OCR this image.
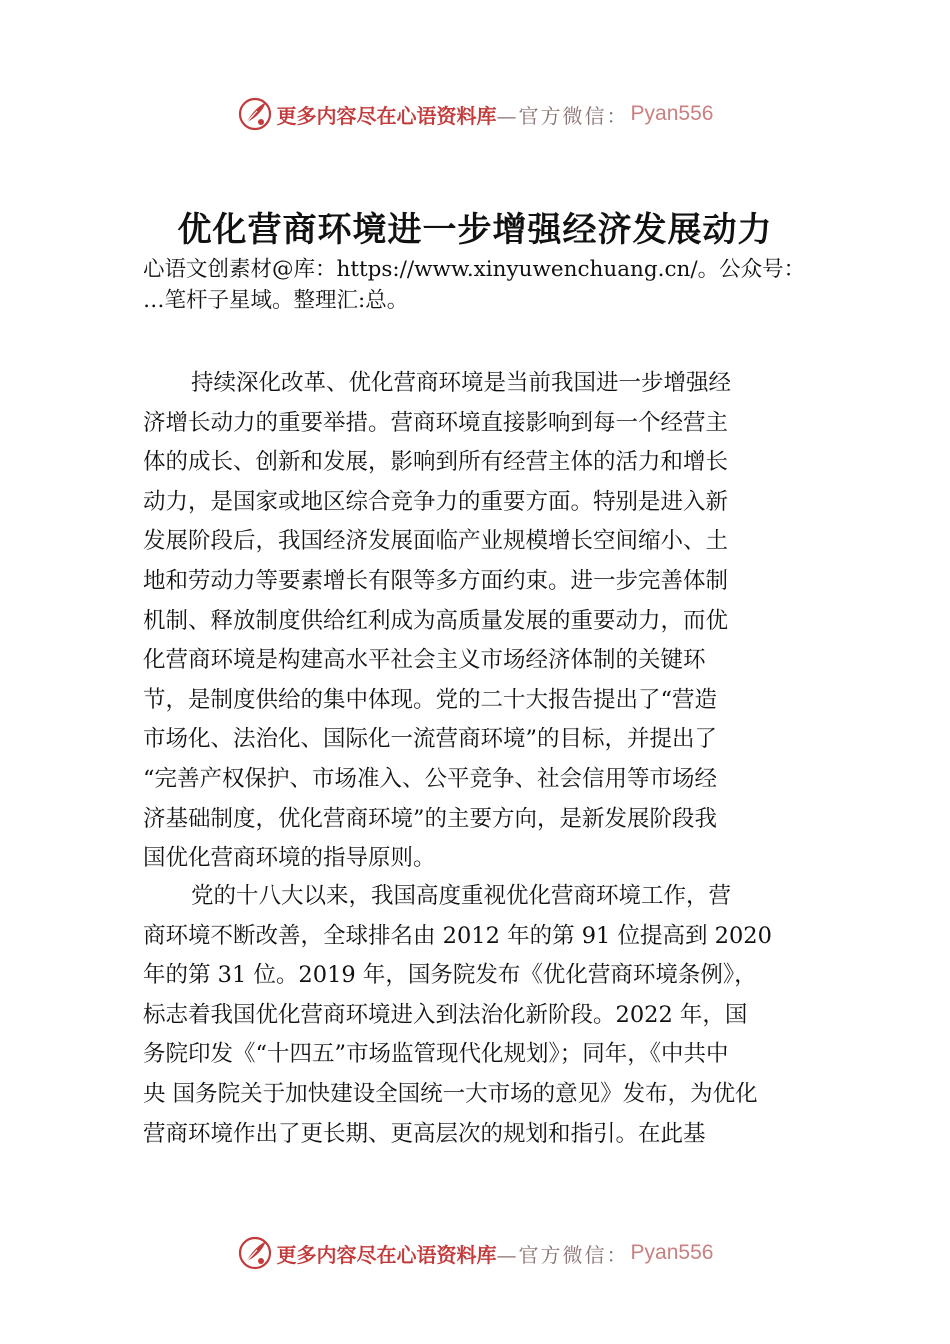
更多内容尽在心语资料库 —官方微信： Pyan556
优化营商环境进一步增强经济发展动力
心语文创素材@库：https://www.xinyuwenchuang.cn/。公众号：
…笔杆子星域。整理汇:总。
持续深化改革、优化营商环境是当前我国进一步增强经
济增长动力的重要举措。营商环境直接影响到每一个经营主
体的成长、创新和发展，影响到所有经营主体的活力和增长
动力，是国家或地区综合竞争力的重要方面。特别是进入新
发展阶段后，我国经济发展面临产业规模增长空间缩小、土
地和劳动力等要素增长有限等多方面约束。进一步完善体制
机制、释放制度供给红利成为高质量发展的重要动力，而优
化营商环境是构建高水平社会主义市场经济体制的关键环
节，是制度供给的集中体现。党的二十大报告提出了“营造
市场化、法治化、国际化一流营商环境”的目标，并提出了
“完善产权保护、市场准入、公平竞争、社会信用等市场经
济基础制度，优化营商环境”的主要方向，是新发展阶段我
国优化营商环境的指导原则。
党的十八大以来，我国高度重视优化营商环境工作，营
商环境不断改善，全球排名由 2012 年的第 91 位提高到 2020
年的第 31 位。2019 年，国务院发布《优化营商环境条例》，
标志着我国优化营商环境进入到法治化新阶段。2022 年，国
务院印发《“十四五”市场监管现代化规划》；同年，《中共中
央 国务院关于加快建设全国统一大市场的意见》发布，为优化
营商环境作出了更长期、更高层次的规划和指引。在此基
更多内容尽在心语资料库 —官方微信： Pyan556
